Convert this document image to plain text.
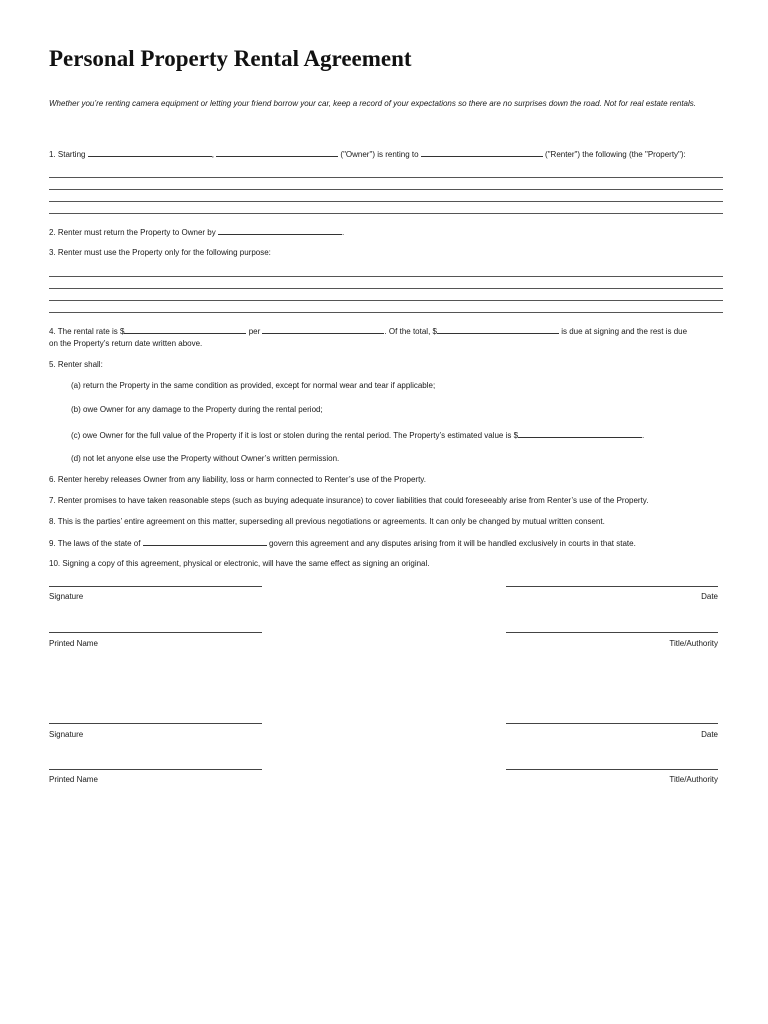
Personal Property Rental Agreement

Whether you’re renting camera equipment or letting your friend borrow your car, keep a record of your expectations so there are no surprises down the road. Not for real estate rentals.

1. Starting	,	("Owner") is renting to	("Renter") the following (the "Property"):
2. Renter must return the Property to Owner by	.
3. Renter must use the Property only for the following purpose:
4. The rental rate is $	per	. Of the total, $	is due at signing and the rest is due
on the Property’s return date written above.
5. Renter shall:
(a) return the Property in the same condition as provided, except for normal wear and tear if applicable;
(b) owe Owner for any damage to the Property during the rental period;
(c) owe Owner for the full value of the Property if it is lost or stolen during the rental period. The Property’s estimated value is $	.
(d) not let anyone else use the Property without Owner’s written permission.
6. Renter hereby releases Owner from any liability, loss or harm connected to Renter’s use of the Property.
7. Renter promises to have taken reasonable steps (such as buying adequate insurance) to cover liabilities that could foreseeably arise from Renter’s use of the Property.
8. This is the parties’ entire agreement on this matter, superseding all previous negotiations or agreements. It can only be changed by mutual written consent.
9. The laws of the state of	govern this agreement and any disputes arising from it will be handled exclusively in courts in that state.
10. Signing a copy of this agreement, physical or electronic, will have the same effect as signing an original.
Signature	Date
Printed Name	Title/Authority
Signature	Date
Printed Name	Title/Authority
